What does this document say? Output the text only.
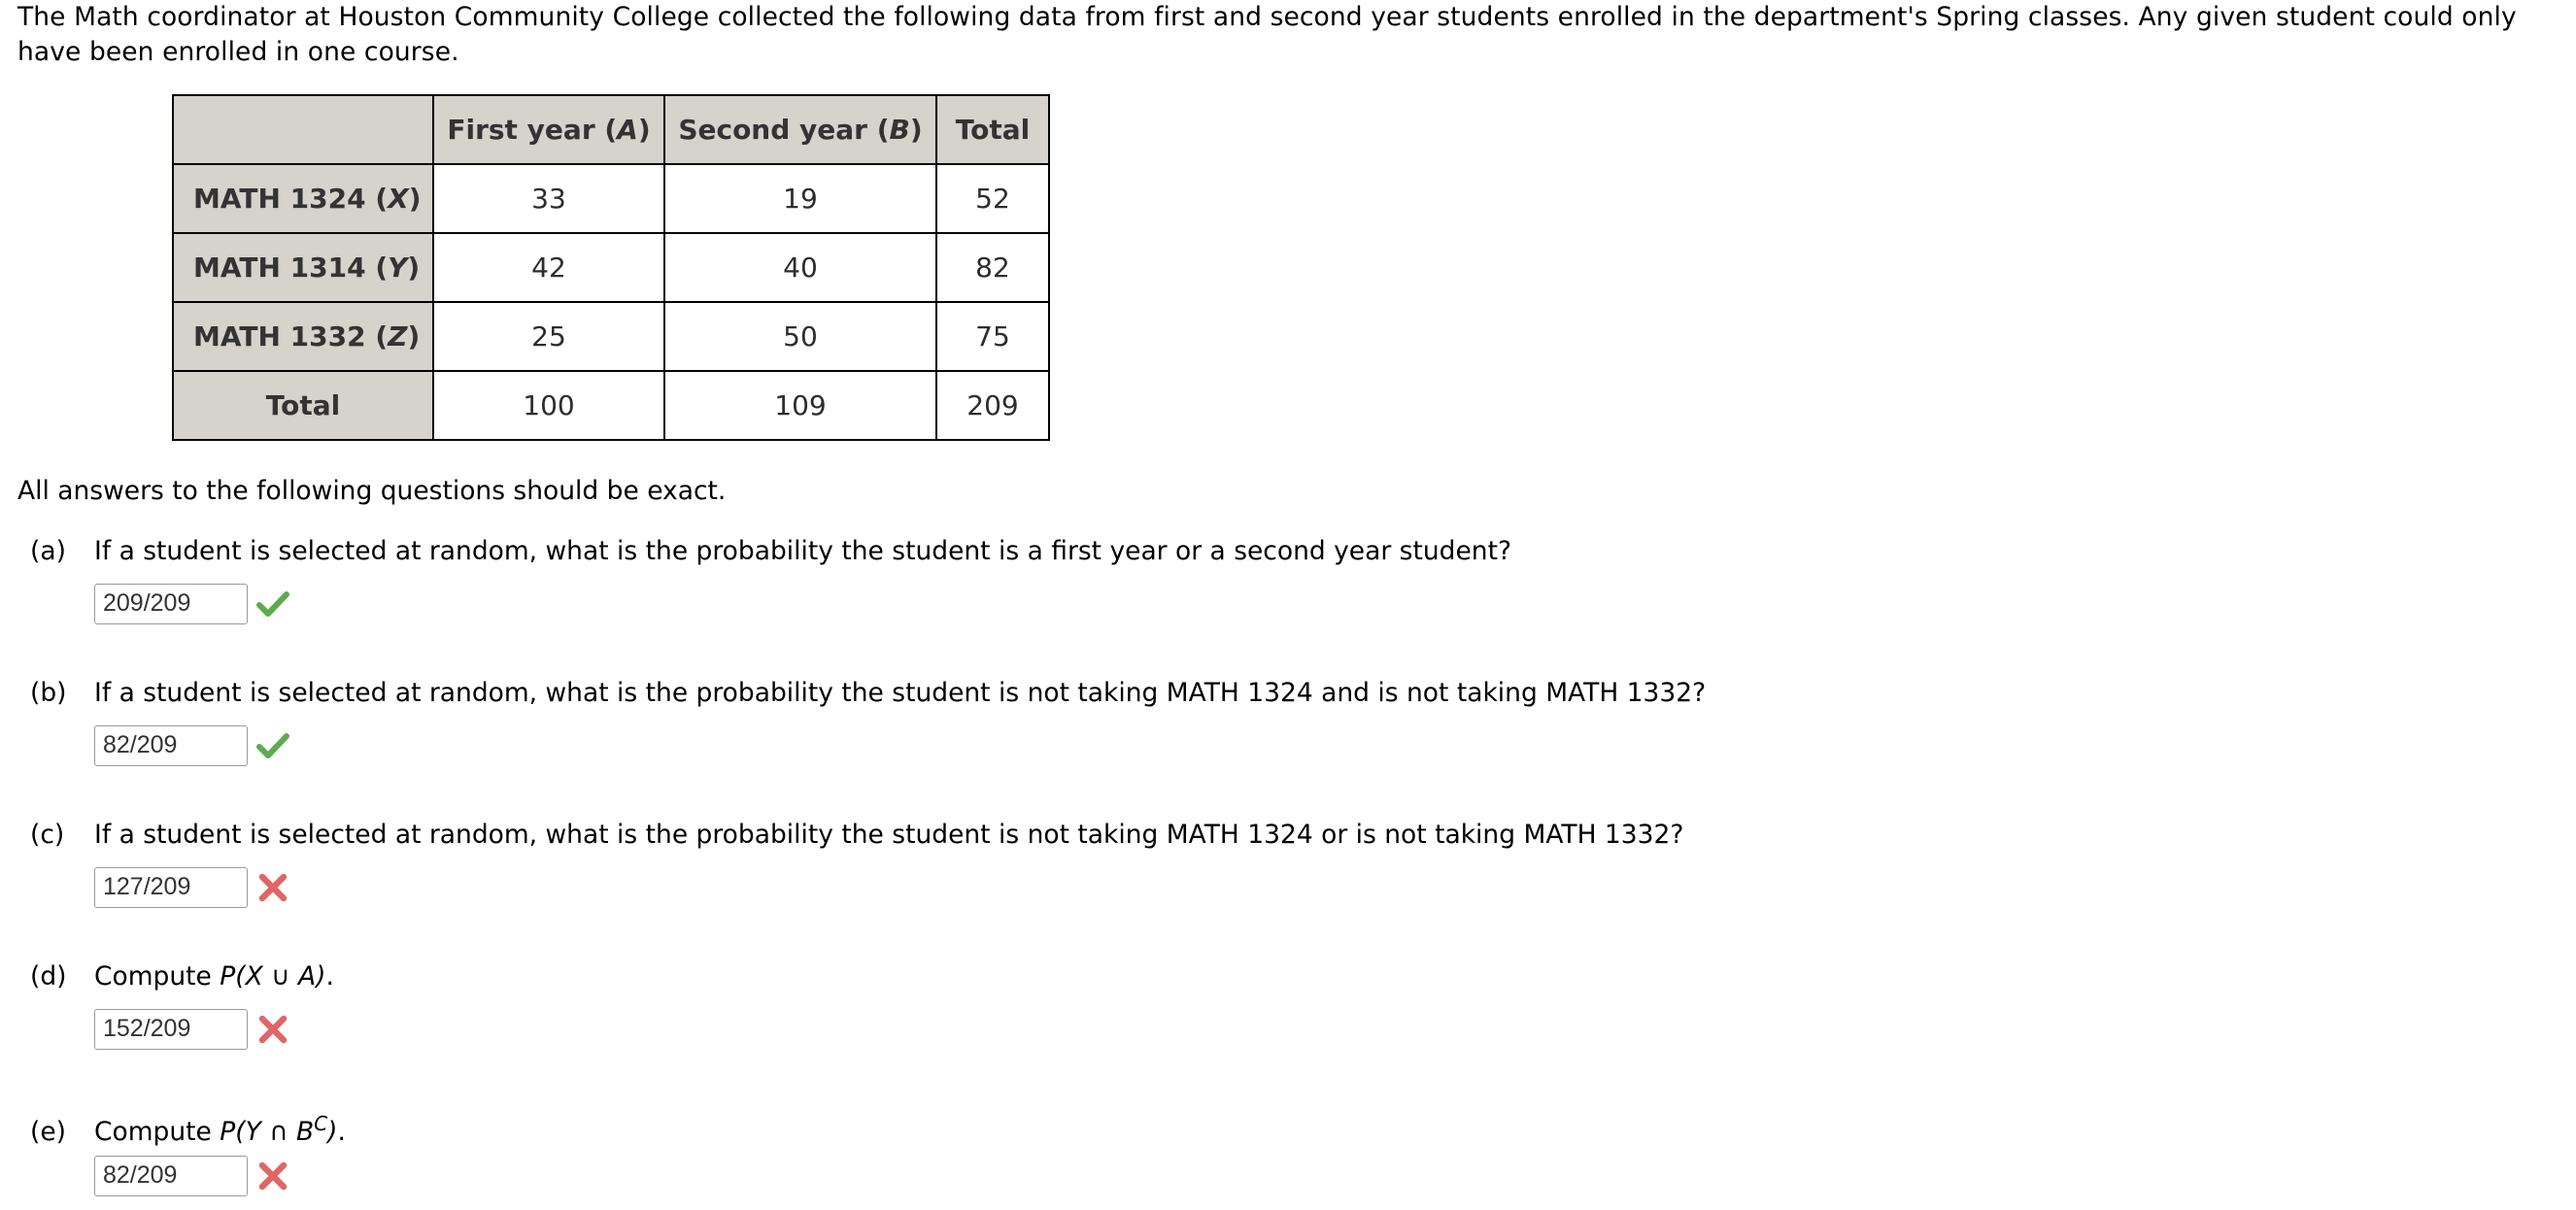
The Math coordinator at Houston Community College collected the following data from first and second year students enrolled in the department's Spring classes. Any given student could only have been enrolled in one course.
	First year (A)	Second year (B)	Total
MATH 1324 (X)	33	19	52
MATH 1314 (Y)	42	40	82
MATH 1332 (Z)	25	50	75
Total	100	109	209
All answers to the following questions should be exact.
(a) If a student is selected at random, what is the probability the student is a first year or a second year student?
209/209
(b) If a student is selected at random, what is the probability the student is not taking MATH 1324 and is not taking MATH 1332?
82/209
(c) If a student is selected at random, what is the probability the student is not taking MATH 1324 or is not taking MATH 1332?
127/209
(d) Compute P(X ∪ A).
152/209
(e) Compute P(Y ∩ $B^C$).
82/209
